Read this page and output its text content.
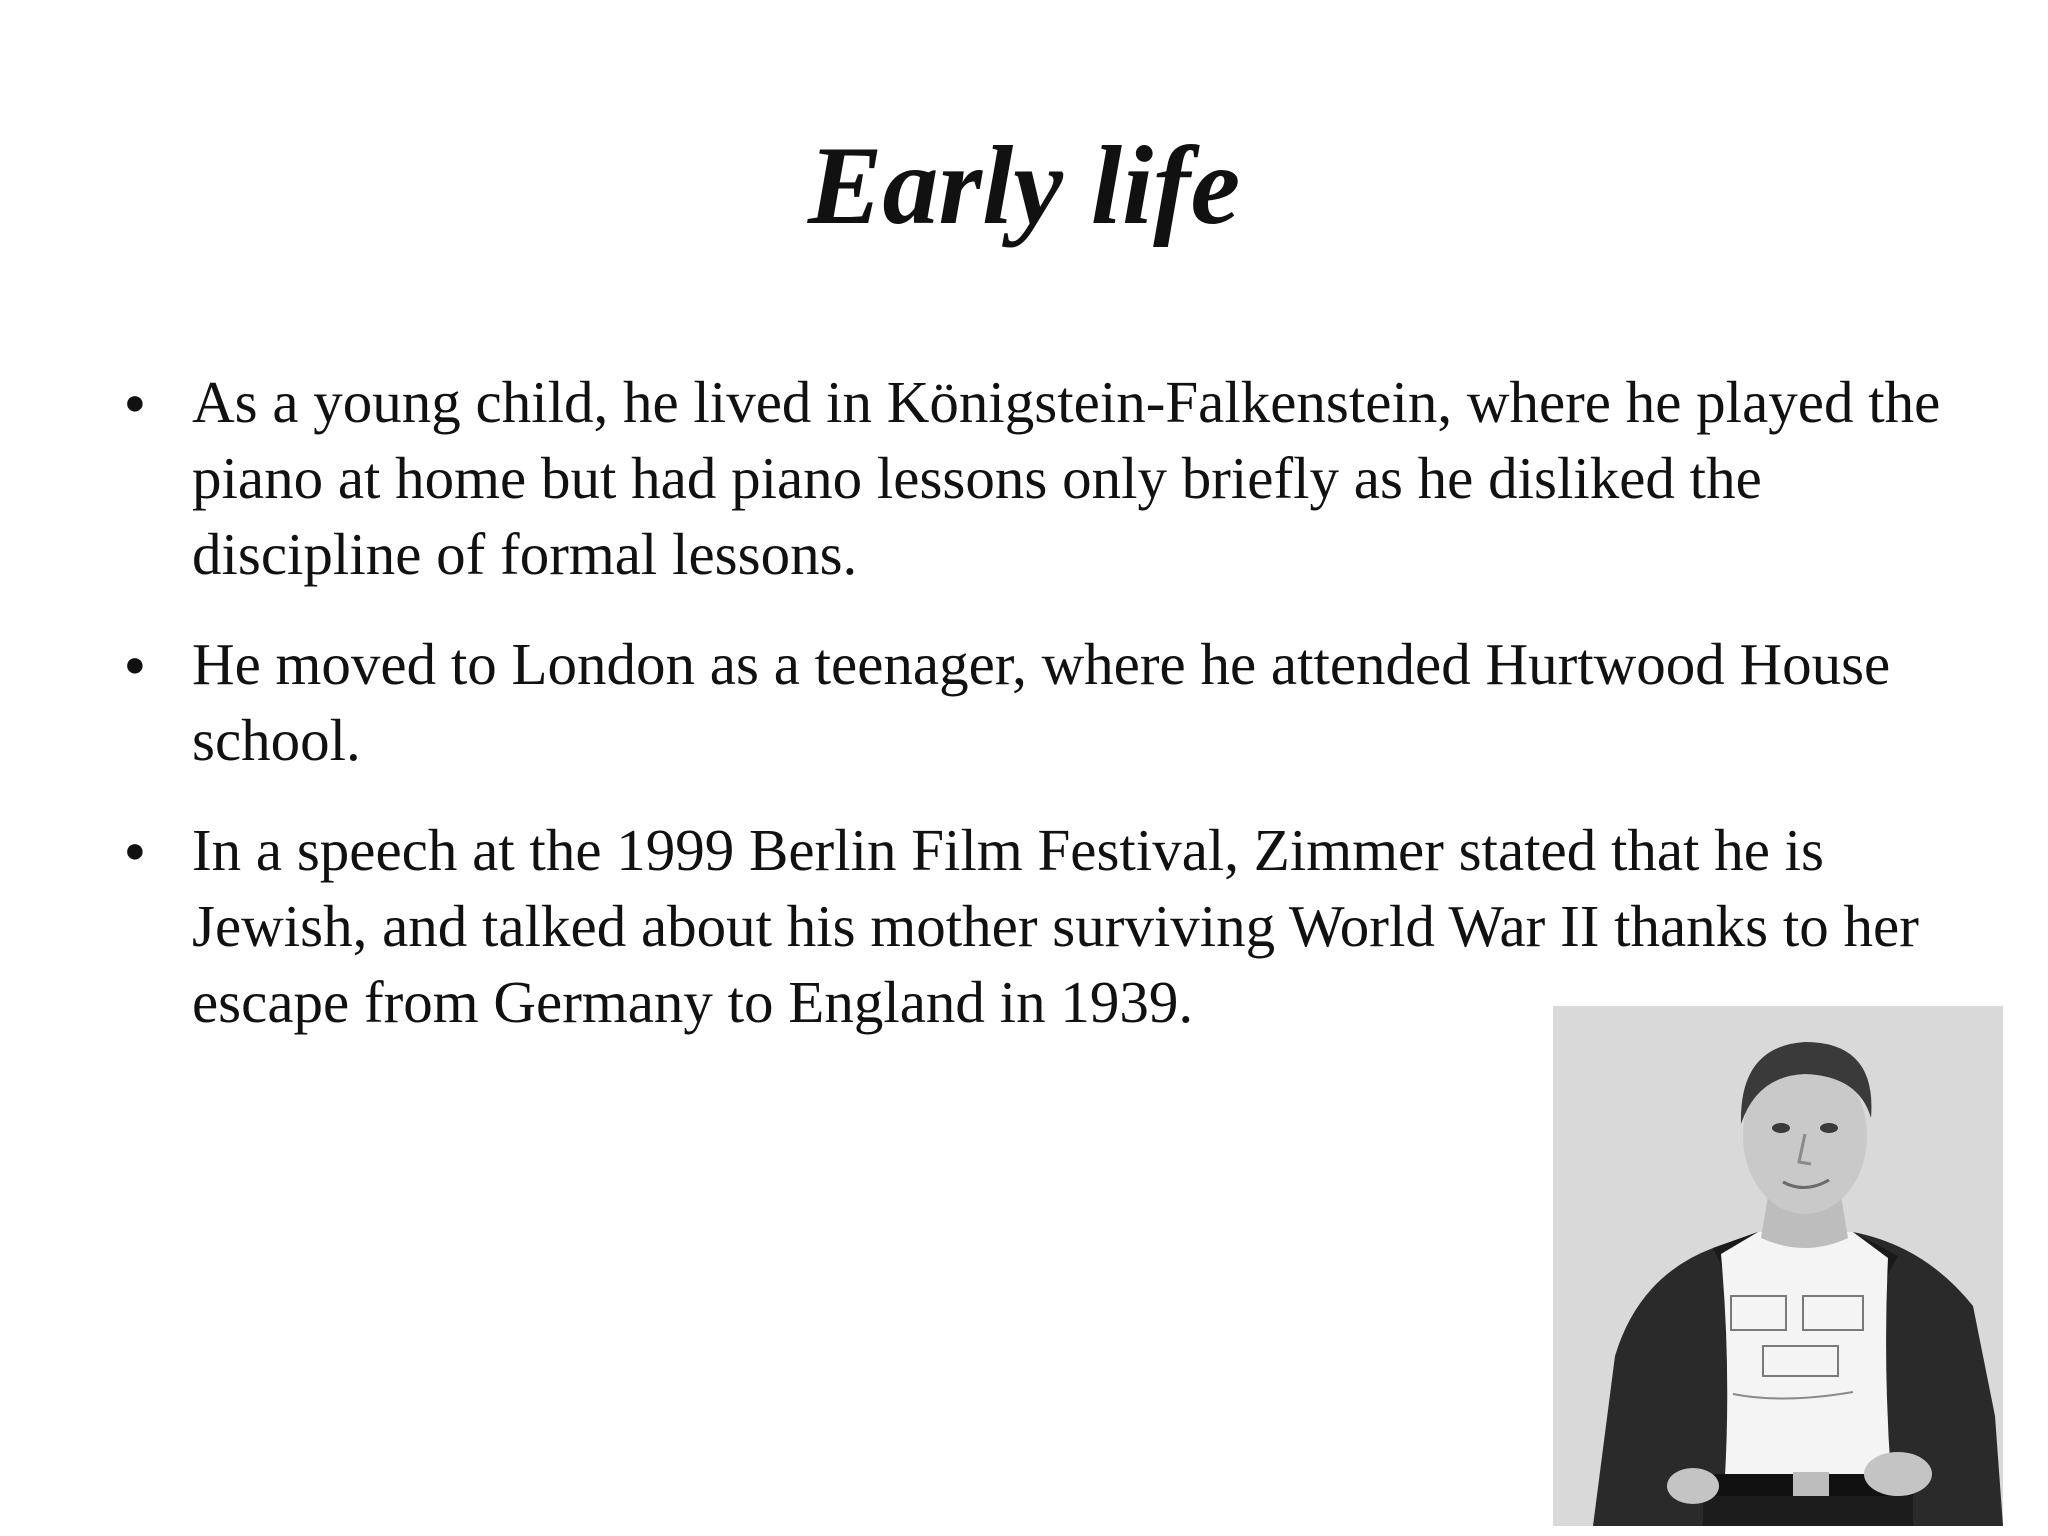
Early life
● As a young child, he lived in Königstein-Falkenstein, where he played the piano at home but had piano lessons only briefly as he disliked the discipline of formal lessons.
● He moved to London as a teenager, where he attended Hurtwood House school.
● In a speech at the 1999 Berlin Film Festival, Zimmer stated that he is Jewish, and talked about his mother surviving World War II thanks to her escape from Germany to England in 1939.
